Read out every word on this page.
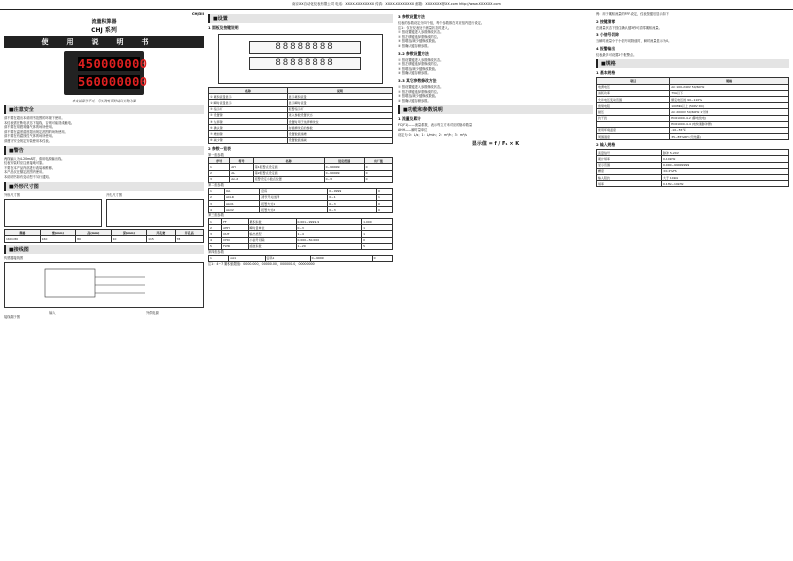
南京XX自动化仪表有限公司 电话：XXXX-XXXXXXXX 传真：XXXX-XXXXXXXX 邮箱：XXXXXXX@XX.com http://www.XXXXXX.com
CHJ3II
流量积算器
CHJ 系列
使用说明书
450000000
560000000
本文请部分不可，与实物有误时请以实物为准
■注意安全
请不要在超出本说明书范围的环境下使用。
本仪表需在断电状态下接线，否则可能造成触电。
请不要在易燃易爆气体的场所使用。
请不要在温度湿度超出规定范围的场所使用。
请不要在有腐蚀性气体的场所使用。
请遵守安全规定安装使用本仪表。
■警告
两线输入为4-20mA时，请用电源输出线。
仪表安装时应注意接地可靠。
不要在本产品内部进行改装和维修。
本产品仅在额定范围内使用。
本说明书如有变动恕不另行通知。
■外形尺寸图
外形尺寸图	开孔尺寸图
规格	宽(mm)	高(mm)	深(mm)	开孔宽	开孔高
160×80	160	80	10	115	78
■接线图
传感器接线图
输入	外供电源
接线端子图
■设置
1 面板及按键说明
88888888
88888888
名称	说明
① 累积流量显示	显示累积流量
② 瞬时流量显示	显示瞬时流量
③ 指示灯	报警指示灯
④ 设置键	进入参数设置状态
⑤ 左移键	设置时用于选择修改位
⑥ 确认键	存储修改后的参数
⑦ 增加键	设置数值递增
⑧ 减少键	设置数值递减
2 参数一览表
第一组参数
序号	符号	名称	设定范围	出厂值
1	AH	第1报警点设定值	0~99999	0
2	AL	第2报警点设定值	0~99999	0
3	An-d	报警设定小数点位置	0~3	0
第二组参数
1	OA	密码	0~9999	0
2	ACLR	清零开关选择	0~1	1
3	ALO1	报警方式1	0~3	0
4	ALO2	报警方式2	0~3	0
第三组参数
1	FF	累积系数	0.001~9999.9	1.000
2	AHH	瞬时量单位	0~3	1
3	OUT	输出类型	1~4	1
4	CHO	小信号切除	0.000~50.000	0
5	FLTR	滤波系数	1~20	5
第四组参数
1	oA1	密码1	0~9999	0
注1：4~7 累积值限值：0000.000，00000.00，000000.0，00000000
3 参数设置方法
仪表的参数设定分四个组，每个参数都在对应组内进行设定。
注1：仅在仪表处于测量状态时进入。
① 按设置键进入参数修改状态。
② 按左移键选择需修改的位。
③ 按增加/减少键修改数值。
④ 按确认键存储参数。
3.2 参数设置方法
① 按设置键进入参数修改状态。
② 按左移键选择需修改的位。
③ 按增加/减少键修改数值。
④ 按确认键存储参数。
3.3 其它参数修改方法
① 按设置键进入参数修改状态。
② 按左移键选择需修改的位。
③ 按增加/减少键修改数值。
④ 按确认键存储参数。
■功能和参数说明
1 流量及累计
FC(F1)——流量系数，表示每立方米对应的脉冲数量
AHH——瞬时量单位
设定为 0：L/s；1：L/min；2：m³/h；3：m³/s
显示值 = f / F₁ × K
例：用于累积流量的FFF.设定，仪表按键后显示如下
2 按键清零
在测量状态下按住确认键3秒可清零累积流量。
3 小信号切除
当瞬时流量小于小信号切除值时，瞬时流量显示为0。
4 报警输出
仪表最多可设置2个报警点。
■规格
1 基本规格
项目	规格
电源电压	AC 100-240V 50/60Hz
消耗功率	7VA以下
允许电压变动范围	额定电压的 90~110%
绝缘电阻	100MΩ以上 (500V DC)
耐压	AC 2000V 50/60Hz 1分钟
抗干扰	EC61000-4-2 (静电放电)
	EC61000-4-4 (电快速脉冲群)
使用环境温度	-10~55℃
周围湿度	35~85%RH (无结露)
2 输入规格
流量信号	脉冲 5-24V
累计频率	0-10kHz
显示范围	0.000~99999999
精度	±0.2%FS
输入阻抗	大于 10kΩ
频率	0.1Hz~10kHz
